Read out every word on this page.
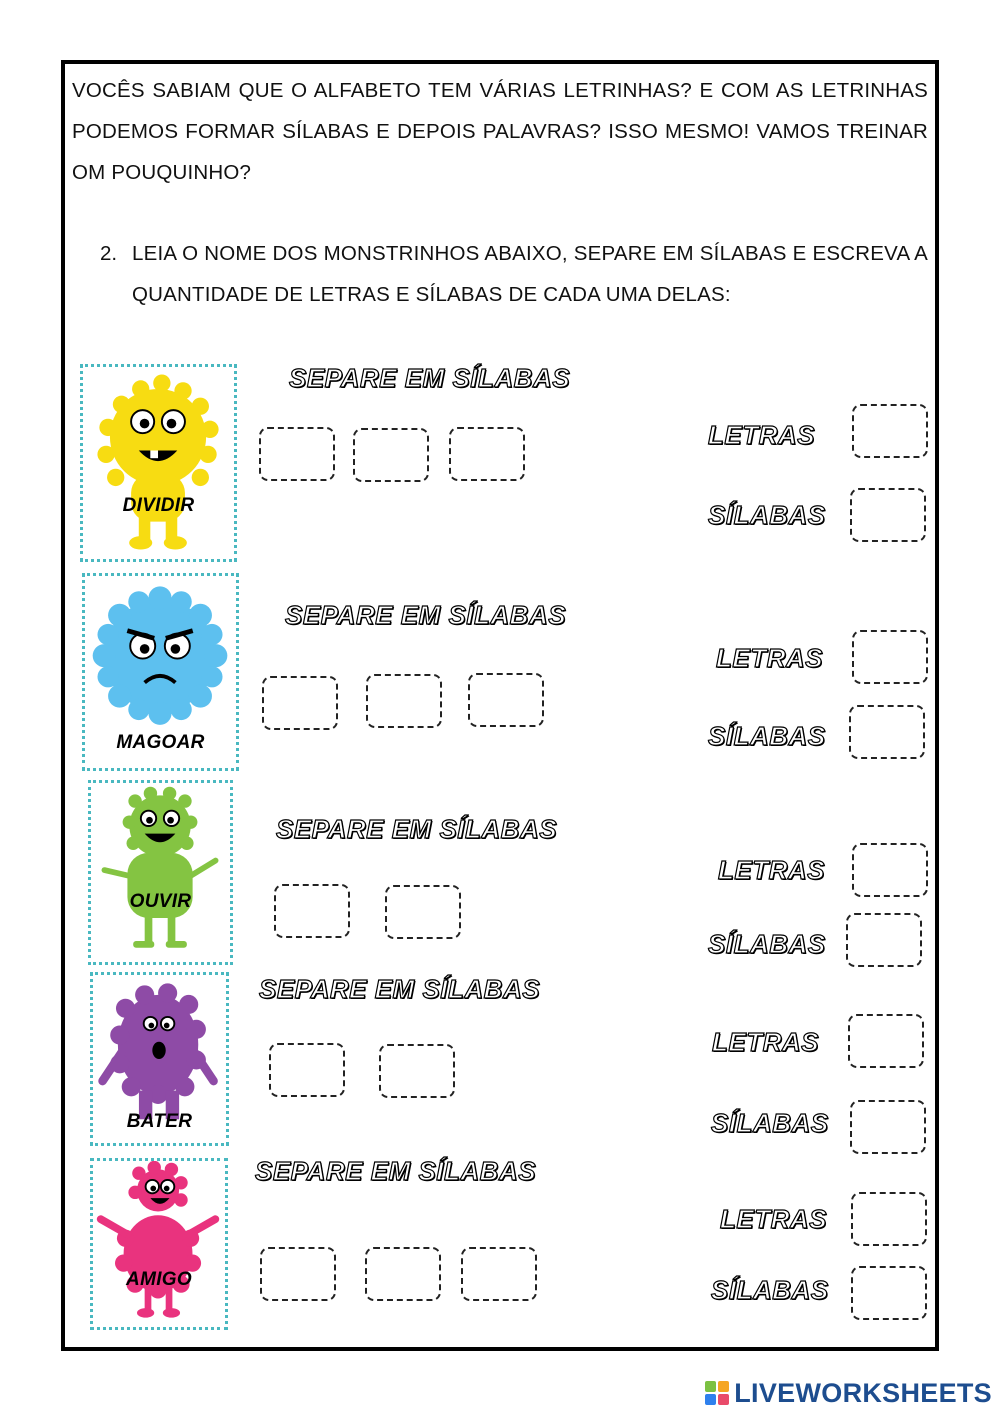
VOCÊS SABIAM QUE O ALFABETO TEM VÁRIAS LETRINHAS? E COM AS LETRINHAS PODEMOS FORMAR SÍLABAS E DEPOIS PALAVRAS? ISSO MESMO! VAMOS TREINAR OM POUQUINHO?

2. LEIA O NOME DOS MONSTRINHOS ABAIXO, SEPARE EM SÍLABAS E ESCREVA A QUANTIDADE DE LETRAS E SÍLABAS DE CADA UMA DELAS:

DIVIDIR
SEPARE EM SÍLABAS
LETRAS
SÍLABAS
MAGOAR
SEPARE EM SÍLABAS
LETRAS
SÍLABAS
OUVIR
SEPARE EM SÍLABAS
LETRAS
SÍLABAS
BATER
SEPARE EM SÍLABAS
LETRAS
SÍLABAS
AMIGO
SEPARE EM SÍLABAS
LETRAS
SÍLABAS
LIVEWORKSHEETS
